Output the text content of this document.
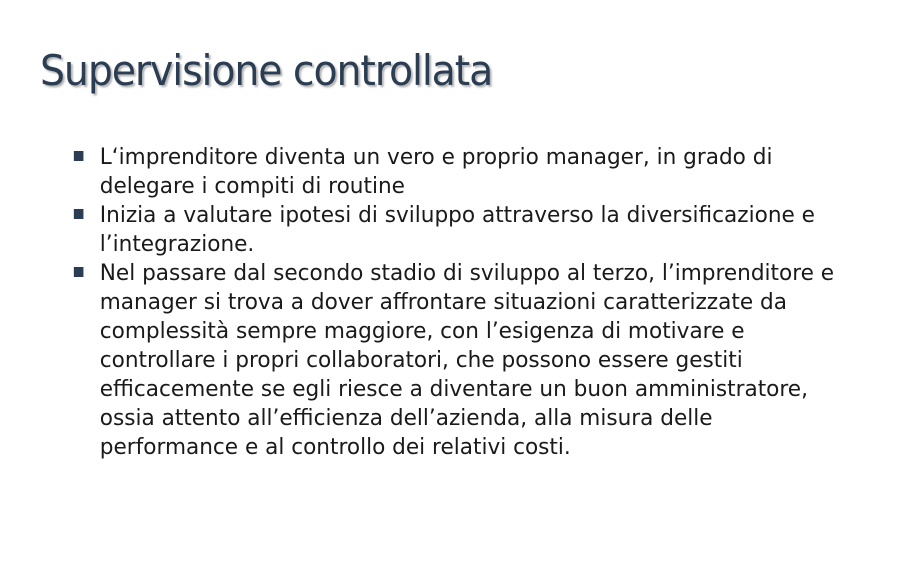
Supervisione controllata
L‘imprenditore diventa un vero e proprio manager, in grado di delegare i compiti di routine
Inizia a valutare ipotesi di sviluppo attraverso la diversificazione e l’integrazione.
Nel passare dal secondo stadio di sviluppo al terzo, l’imprenditore e manager si trova a dover affrontare situazioni caratterizzate da complessità sempre maggiore, con l’esigenza di motivare e controllare i propri collaboratori, che possono essere gestiti efficacemente se egli riesce a diventare un buon amministratore, ossia attento all’efficienza dell’azienda, alla misura delle performance e al controllo dei relativi costi.
